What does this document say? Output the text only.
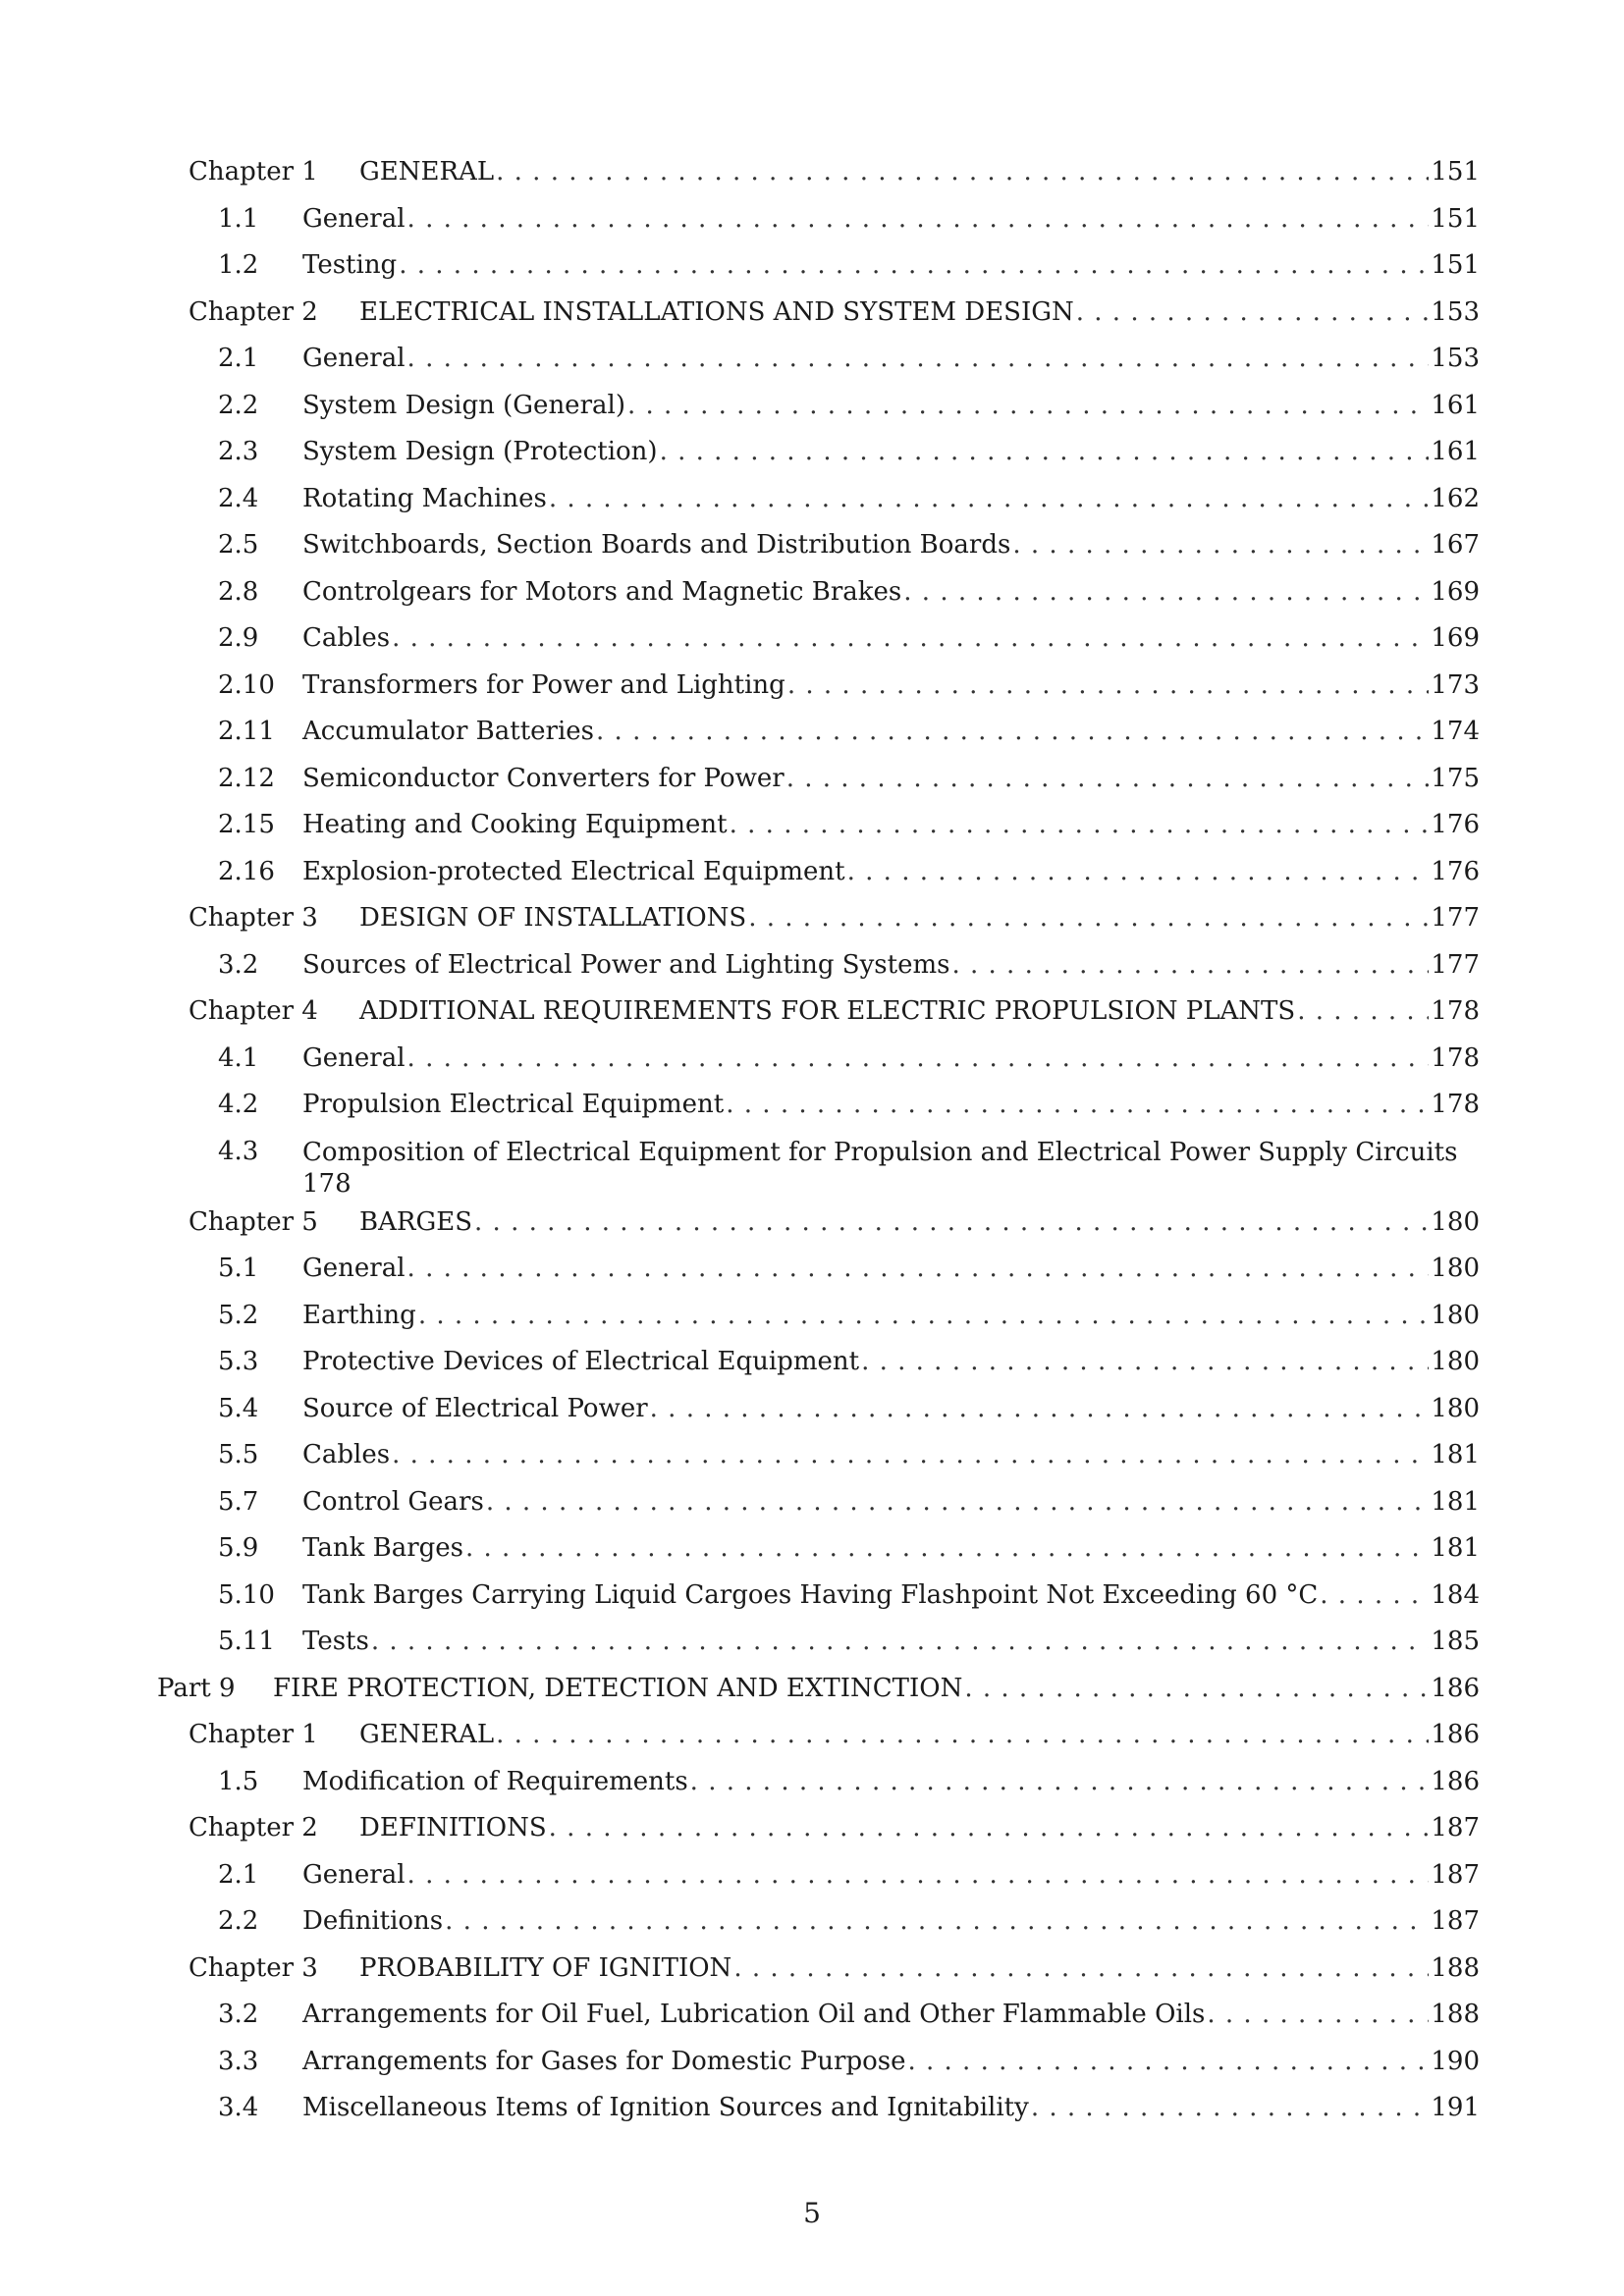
Chapter 1 GENERAL . . .	151
1.1 General . . .	151
1.2 Testing . . .	151
Chapter 2 ELECTRICAL INSTALLATIONS AND SYSTEM DESIGN . . .	153
2.1 General . . .	153
2.2 System Design (General) . . .	161
2.3 System Design (Protection) . . .	161
2.4 Rotating Machines . . .	162
2.5 Switchboards, Section Boards and Distribution Boards . . .	167
2.8 Controlgears for Motors and Magnetic Brakes . . .	169
2.9 Cables . . .	169
2.10 Transformers for Power and Lighting . . .	173
2.11 Accumulator Batteries . . .	174
2.12 Semiconductor Converters for Power . . .	175
2.15 Heating and Cooking Equipment . . .	176
2.16 Explosion-protected Electrical Equipment . . .	176
Chapter 3 DESIGN OF INSTALLATIONS . . .	177
3.2 Sources of Electrical Power and Lighting Systems . . .	177
Chapter 4 ADDITIONAL REQUIREMENTS FOR ELECTRIC PROPULSION PLANTS . . .	178
4.1 General . . .	178
4.2 Propulsion Electrical Equipment . . .	178
4.3 Composition of Electrical Equipment for Propulsion and Electrical Power Supply Circuits
178
Chapter 5 BARGES . . .	180
5.1 General . . .	180
5.2 Earthing . . .	180
5.3 Protective Devices of Electrical Equipment . . .	180
5.4 Source of Electrical Power . . .	180
5.5 Cables . . .	181
5.7 Control Gears . . .	181
5.9 Tank Barges . . .	181
5.10 Tank Barges Carrying Liquid Cargoes Having Flashpoint Not Exceeding 60 °C . . .	184
5.11 Tests . . .	185
Part 9 FIRE PROTECTION, DETECTION AND EXTINCTION . . .	186
Chapter 1 GENERAL . . .	186
1.5 Modification of Requirements . . .	186
Chapter 2 DEFINITIONS . . .	187
2.1 General . . .	187
2.2 Definitions . . .	187
Chapter 3 PROBABILITY OF IGNITION . . .	188
3.2 Arrangements for Oil Fuel, Lubrication Oil and Other Flammable Oils . . .	188
3.3 Arrangements for Gases for Domestic Purpose . . .	190
3.4 Miscellaneous Items of Ignition Sources and Ignitability . . .	191
5
